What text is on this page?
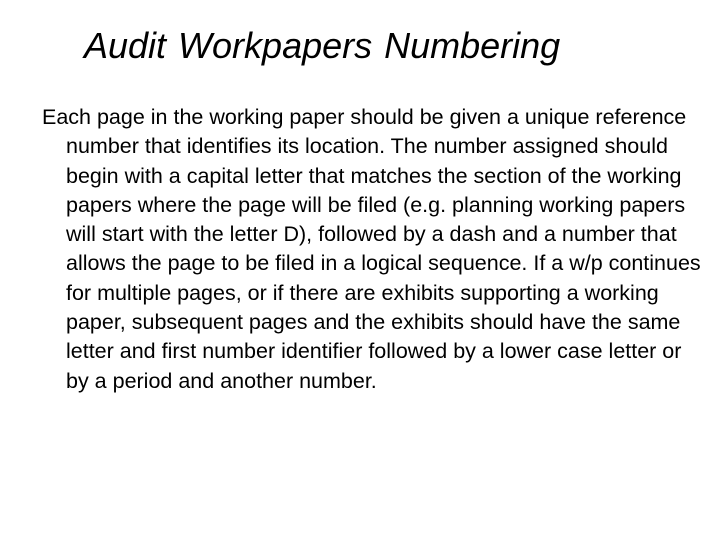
Audit Workpapers Numbering

Each page in the working paper should be given a unique reference number that identifies its location. The number assigned should begin with a capital letter that matches the section of the working papers where the page will be filed (e.g. planning working papers will start with the letter D), followed by a dash and a number that allows the page to be filed in a logical sequence. If a w/p continues for multiple pages, or if there are exhibits supporting a working paper, subsequent pages and the exhibits should have the same letter and first number identifier followed by a lower case letter or by a period and another number.
